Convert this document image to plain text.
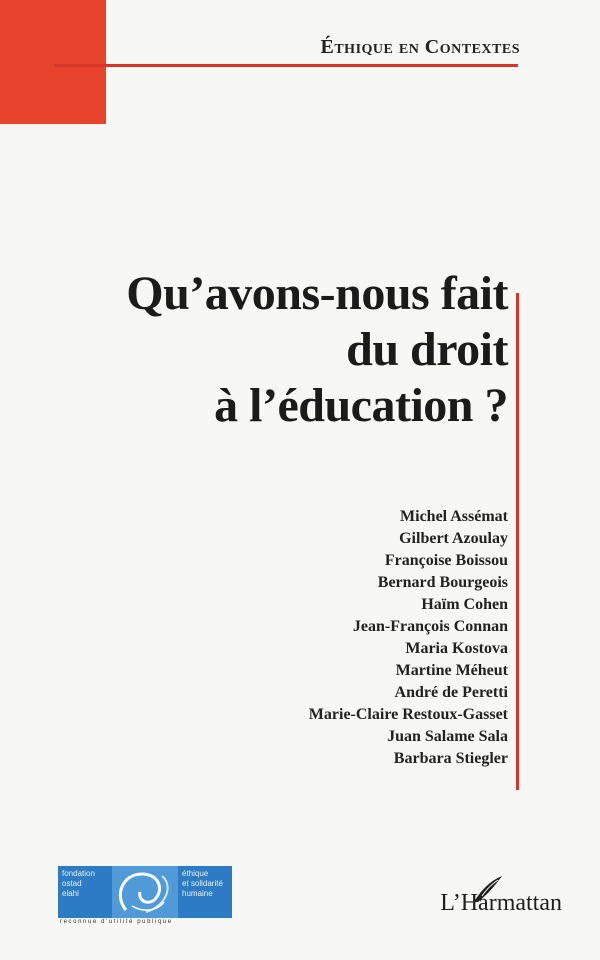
Éthique en Contextes
Qu’avons-nous fait
du droit
à l’éducation ?
Michel Assémat
Gilbert Azoulay
Françoise Boissou
Bernard Bourgeois
Haïm Cohen
Jean-François Connan
Maria Kostova
Martine Méheut
André de Peretti
Marie-Claire Restoux-Gasset
Juan Salame Sala
Barbara Stiegler
fondation
ostad
elahi
éthique
et solidarité
humaine
reconnue d'utilité publique
L’Harmattan
